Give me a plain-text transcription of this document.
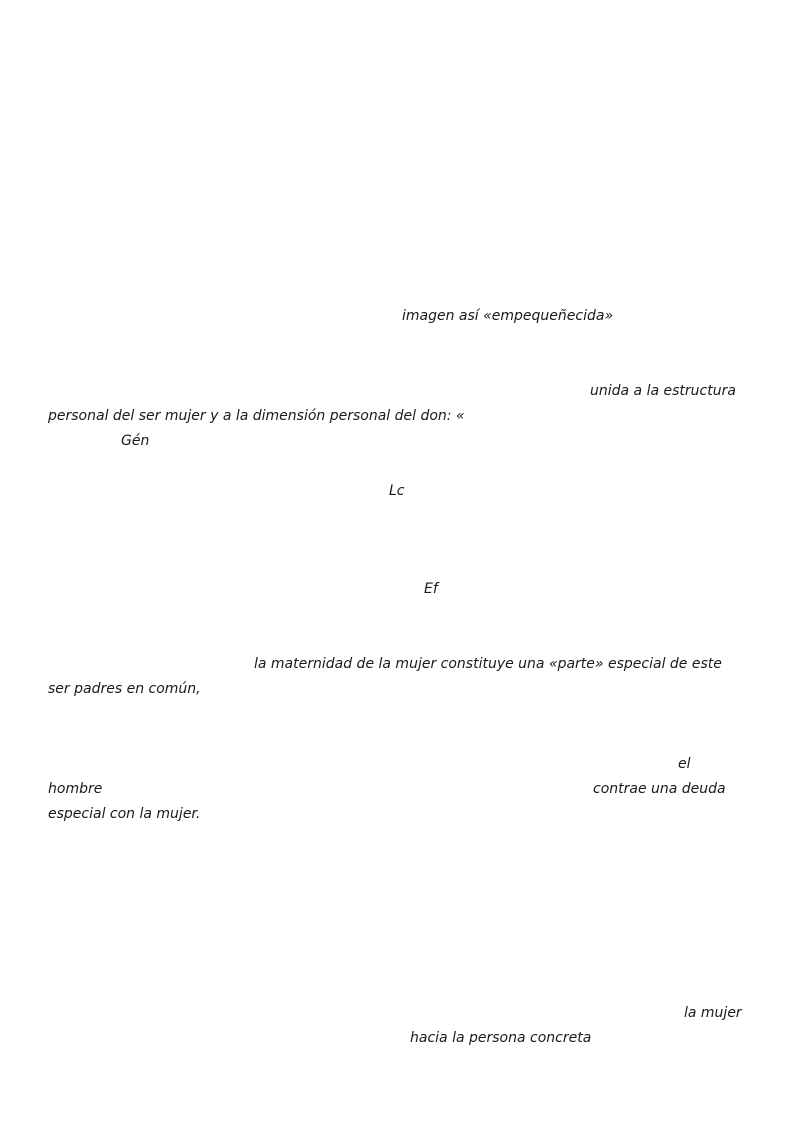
imagen así «empequeñecida»
unida a la estructura
personal del ser mujer y a la dimensión personal del don: «
Gén
Lc
Ef
la maternidad de la mujer constituye una «parte» especial de este
ser padres en común,
el
hombre	contrae una deuda
especial con la mujer.
la mujer
hacia la persona concreta
